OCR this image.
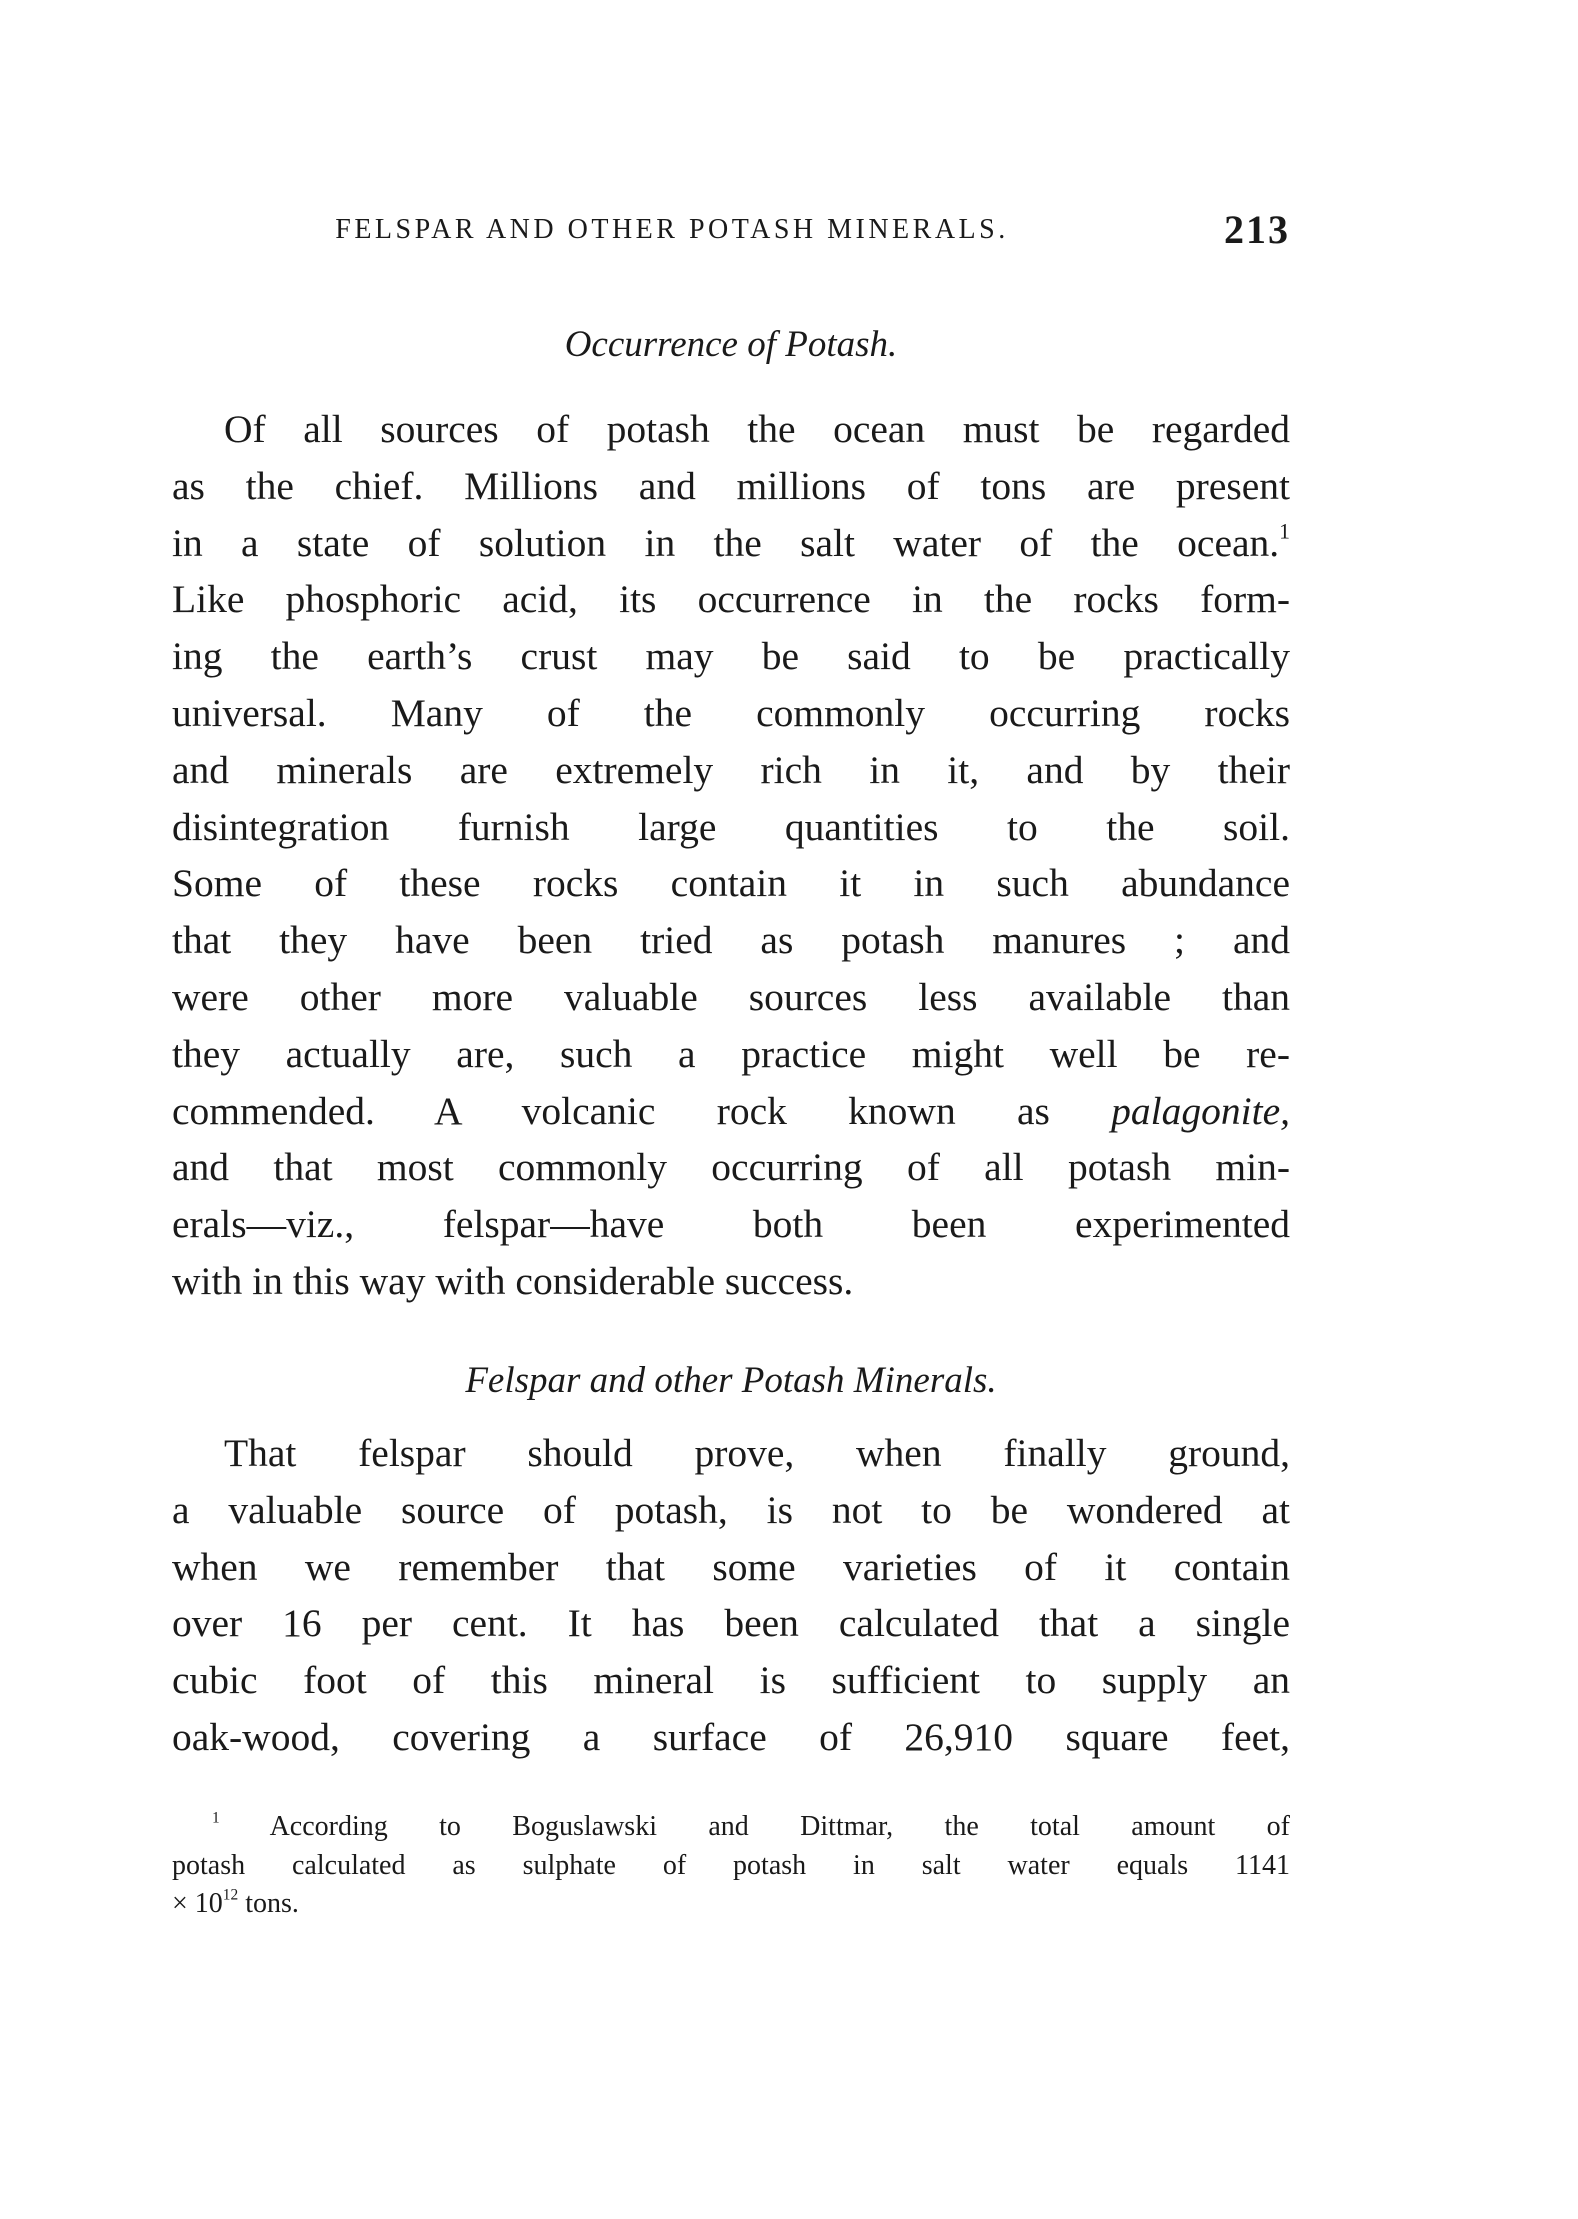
FELSPAR AND OTHER POTASH MINERALS.	213
Occurrence of Potash.
Of all sources of potash the ocean must be regarded
as the chief. Millions and millions of tons are present
in a state of solution in the salt water of the ocean.$^1$
Like phosphoric acid, its occurrence in the rocks form-
ing the earth’s crust may be said to be practically
universal. Many of the commonly occurring rocks
and minerals are extremely rich in it, and by their
disintegration furnish large quantities to the soil.
Some of these rocks contain it in such abundance
that they have been tried as potash manures ; and
were other more valuable sources less available than
they actually are, such a practice might well be re-
commended. A volcanic rock known as palagonite,
and that most commonly occurring of all potash min-
erals—viz., felspar—have both been experimented
with in this way with considerable success.
Felspar and other Potash Minerals.
That felspar should prove, when finally ground,
a valuable source of potash, is not to be wondered at
when we remember that some varieties of it contain
over 16 per cent. It has been calculated that a single
cubic foot of this mineral is sufficient to supply an
oak-wood, covering a surface of 26,910 square feet,
$^1$ According to Boguslawski and Dittmar, the total amount of
potash calculated as sulphate of potash in salt water equals 1141
× 10$^{12}$ tons.
